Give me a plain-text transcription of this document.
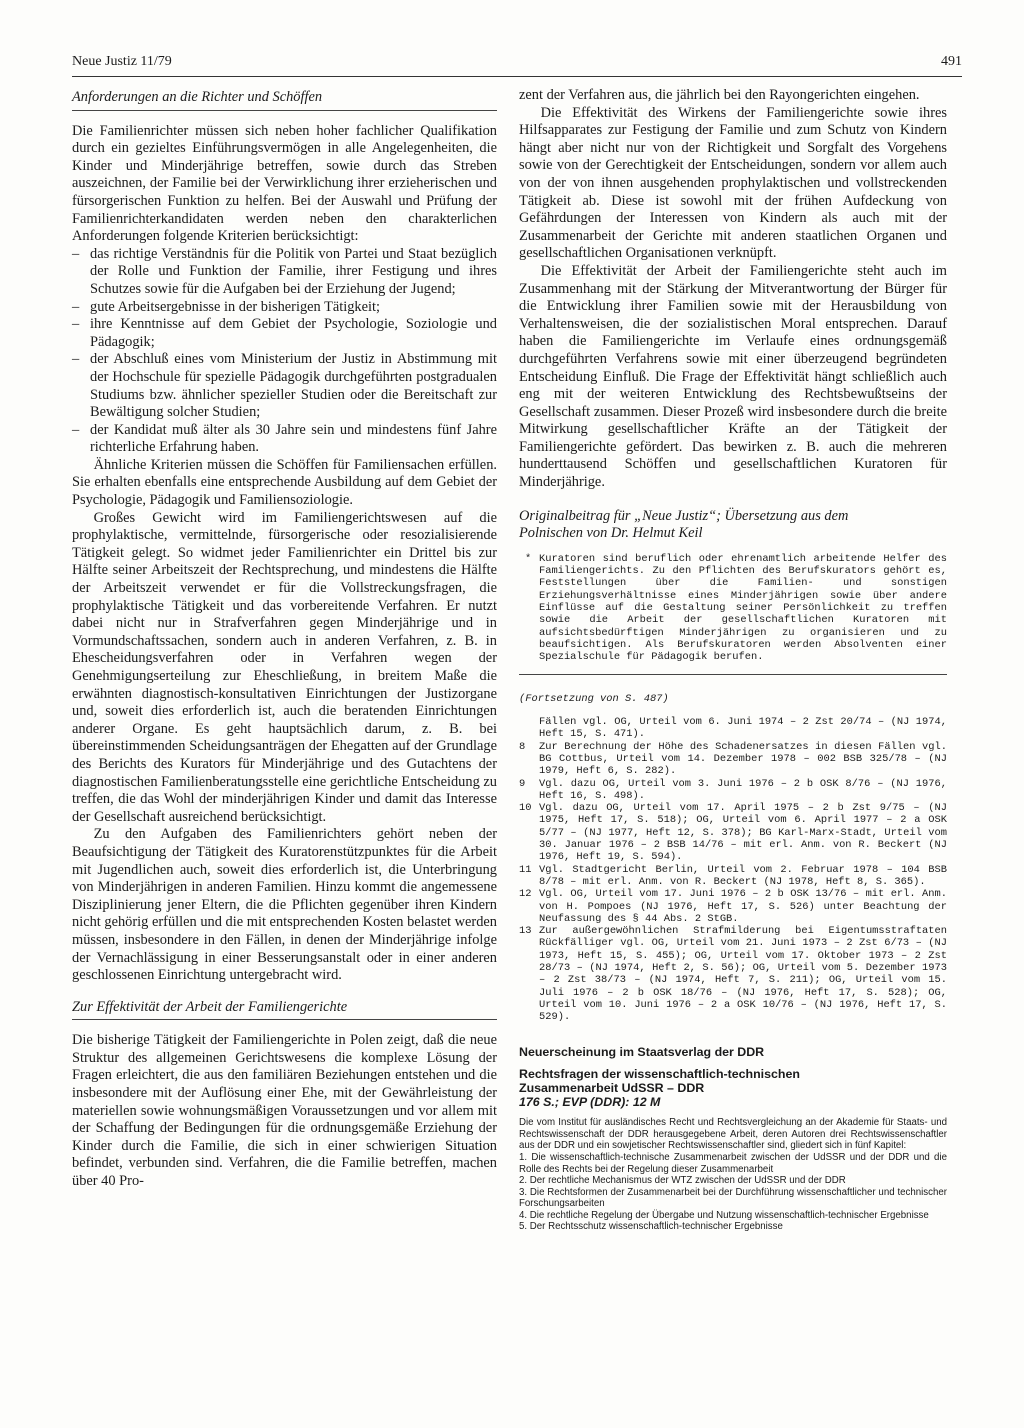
Neue Justiz 11/79	491
Anforderungen an die Richter und Schöffen

Die Familienrichter müssen sich neben hoher fachlicher Qualifikation durch ein gezieltes Einführungsvermögen in alle Angelegenheiten, die Kinder und Minderjährige betreffen, sowie durch das Streben auszeichnen, der Familie bei der Verwirklichung ihrer erzieherischen und fürsorgerischen Funktion zu helfen. Bei der Auswahl und Prüfung der Familienrichterkandidaten werden neben den charakterlichen Anforderungen folgende Kriterien berücksichtigt:

– das richtige Verständnis für die Politik von Partei und Staat bezüglich der Rolle und Funktion der Familie, ihrer Festigung und ihres Schutzes sowie für die Aufgaben bei der Erziehung der Jugend;
– gute Arbeitsergebnisse in der bisherigen Tätigkeit;
– ihre Kenntnisse auf dem Gebiet der Psychologie, Soziologie und Pädagogik;
– der Abschluß eines vom Ministerium der Justiz in Abstimmung mit der Hochschule für spezielle Pädagogik durchgeführten postgradualen Studiums bzw. ähnlicher spezieller Studien oder die Bereitschaft zur Bewältigung solcher Studien;
– der Kandidat muß älter als 30 Jahre sein und mindestens fünf Jahre richterliche Erfahrung haben.

Ähnliche Kriterien müssen die Schöffen für Familiensachen erfüllen. Sie erhalten ebenfalls eine entsprechende Ausbildung auf dem Gebiet der Psychologie, Pädagogik und Familiensoziologie.

Großes Gewicht wird im Familiengerichtswesen auf die prophylaktische, vermittelnde, fürsorgerische oder resozialisierende Tätigkeit gelegt. So widmet jeder Familienrichter ein Drittel bis zur Hälfte seiner Arbeitszeit der Rechtsprechung, und mindestens die Hälfte der Arbeitszeit verwendet er für die Vollstreckungsfragen, die prophylaktische Tätigkeit und das vorbereitende Verfahren. Er nutzt dabei nicht nur in Strafverfahren gegen Minderjährige und in Vormundschaftssachen, sondern auch in anderen Verfahren, z. B. in Ehescheidungsverfahren oder in Verfahren wegen der Genehmigungserteilung zur Eheschließung, in breitem Maße die erwähnten diagnostisch-konsultativen Einrichtungen der Justizorgane und, soweit dies erforderlich ist, auch die beratenden Einrichtungen anderer Organe. Es geht hauptsächlich darum, z. B. bei übereinstimmenden Scheidungsanträgen der Ehegatten auf der Grundlage des Berichts des Kurators für Minderjährige und des Gutachtens der diagnostischen Familienberatungsstelle eine gerichtliche Entscheidung zu treffen, die das Wohl der minderjährigen Kinder und damit das Interesse der Gesellschaft ausreichend berücksichtigt.

Zu den Aufgaben des Familienrichters gehört neben der Beaufsichtigung der Tätigkeit des Kuratorenstützpunktes für die Arbeit mit Jugendlichen auch, soweit dies erforderlich ist, die Unterbringung von Minderjährigen in anderen Familien. Hinzu kommt die angemessene Disziplinierung jener Eltern, die die Pflichten gegenüber ihren Kindern nicht gehörig erfüllen und die mit entsprechenden Kosten belastet werden müssen, insbesondere in den Fällen, in denen der Minderjährige infolge der Vernachlässigung in einer Besserungsanstalt oder in einer anderen geschlossenen Einrichtung untergebracht wird.

Zur Effektivität der Arbeit der Familiengerichte

Die bisherige Tätigkeit der Familiengerichte in Polen zeigt, daß die neue Struktur des allgemeinen Gerichtswesens die komplexe Lösung der Fragen erleichtert, die aus den familiären Beziehungen entstehen und die insbesondere mit der Auflösung einer Ehe, mit der Gewährleistung der materiellen sowie wohnungsmäßigen Voraussetzungen und vor allem mit der Schaffung der Bedingungen für die ordnungsgemäße Erziehung der Kinder durch die Familie, die sich in einer schwierigen Situation befindet, verbunden sind. Verfahren, die die Familie betreffen, machen über 40 Pro-

zent der Verfahren aus, die jährlich bei den Rayongerichten eingehen.

Die Effektivität des Wirkens der Familiengerichte sowie ihres Hilfsapparates zur Festigung der Familie und zum Schutz von Kindern hängt aber nicht nur von der Richtigkeit und Sorgfalt des Vorgehens sowie von der Gerechtigkeit der Entscheidungen, sondern vor allem auch von der von ihnen ausgehenden prophylaktischen und vollstreckenden Tätigkeit ab. Diese ist sowohl mit der frühen Aufdeckung von Gefährdungen der Interessen von Kindern als auch mit der Zusammenarbeit der Gerichte mit anderen staatlichen Organen und gesellschaftlichen Organisationen verknüpft.

Die Effektivität der Arbeit der Familiengerichte steht auch im Zusammenhang mit der Stärkung der Mitverantwortung der Bürger für die Entwicklung ihrer Familien sowie mit der Herausbildung von Verhaltensweisen, die der sozialistischen Moral entsprechen. Darauf haben die Familiengerichte im Verlaufe eines ordnungsgemäß durchgeführten Verfahrens sowie mit einer überzeugend begründeten Entscheidung Einfluß. Die Frage der Effektivität hängt schließlich auch eng mit der weiteren Entwicklung des Rechtsbewußtseins der Gesellschaft zusammen. Dieser Prozeß wird insbesondere durch die breite Mitwirkung gesellschaftlicher Kräfte an der Tätigkeit der Familiengerichte gefördert. Das bewirken z. B. auch die mehreren hunderttausend Schöffen und gesellschaftlichen Kuratoren für Minderjährige.

Originalbeitrag für „Neue Justiz“; Übersetzung aus dem
Polnischen von Dr. Helmut Keil
* Kuratoren sind beruflich oder ehrenamtlich arbeitende Helfer des Familiengerichts. Zu den Pflichten des Berufskurators gehört es, Feststellungen über die Familien- und sonstigen Erziehungsverhältnisse eines Minderjährigen sowie über andere Einflüsse auf die Gestaltung seiner Persönlichkeit zu treffen sowie die Arbeit der gesellschaftlichen Kuratoren mit aufsichtsbedürftigen Minderjährigen zu organisieren und zu beaufsichtigen. Als Berufskuratoren werden Absolventen einer Spezialschule für Pädagogik berufen.
(Fortsetzung von S. 487)
Fällen vgl. OG, Urteil vom 6. Juni 1974 – 2 Zst 20/74 – (NJ 1974, Heft 15, S. 471).
8 Zur Berechnung der Höhe des Schadenersatzes in diesen Fällen vgl. BG Cottbus, Urteil vom 14. Dezember 1978 – 002 BSB 325/78 – (NJ 1979, Heft 6, S. 282).
9 Vgl. dazu OG, Urteil vom 3. Juni 1976 – 2 b OSK 8/76 – (NJ 1976, Heft 16, S. 498).
10 Vgl. dazu OG, Urteil vom 17. April 1975 – 2 b Zst 9/75 – (NJ 1975, Heft 17, S. 518); OG, Urteil vom 6. April 1977 – 2 a OSK 5/77 – (NJ 1977, Heft 12, S. 378); BG Karl-Marx-Stadt, Urteil vom 30. Januar 1976 – 2 BSB 14/76 – mit erl. Anm. von R. Beckert (NJ 1976, Heft 19, S. 594).
11 Vgl. Stadtgericht Berlin, Urteil vom 2. Februar 1978 – 104 BSB 8/78 – mit erl. Anm. von R. Beckert (NJ 1978, Heft 8, S. 365).
12 Vgl. OG, Urteil vom 17. Juni 1976 – 2 b OSK 13/76 – mit erl. Anm. von H. Pompoes (NJ 1976, Heft 17, S. 526) unter Beachtung der Neufassung des § 44 Abs. 2 StGB.
13 Zur außergewöhnlichen Strafmilderung bei Eigentumsstraftaten Rückfälliger vgl. OG, Urteil vom 21. Juni 1973 – 2 Zst 6/73 – (NJ 1973, Heft 15, S. 455); OG, Urteil vom 17. Oktober 1973 – 2 Zst 28/73 – (NJ 1974, Heft 2, S. 56); OG, Urteil vom 5. Dezember 1973 – 2 Zst 38/73 – (NJ 1974, Heft 7, S. 211); OG, Urteil vom 15. Juli 1976 – 2 b OSK 18/76 – (NJ 1976, Heft 17, S. 528); OG, Urteil vom 10. Juni 1976 – 2 a OSK 10/76 – (NJ 1976, Heft 17, S. 529).
Neuerscheinung im Staatsverlag der DDR
Rechtsfragen der wissenschaftlich-technischen
Zusammenarbeit UdSSR – DDR
176 S.; EVP (DDR): 12 M
Die vom Institut für ausländisches Recht und Rechtsvergleichung an der Akademie für Staats- und Rechtswissenschaft der DDR herausgegebene Arbeit, deren Autoren drei Rechtswissenschaftler aus der DDR und ein sowjetischer Rechtswissenschaftler sind, gliedert sich in fünf Kapitel:
1. Die wissenschaftlich-technische Zusammenarbeit zwischen der UdSSR und der DDR und die Rolle des Rechts bei der Regelung dieser Zusammenarbeit
2. Der rechtliche Mechanismus der WTZ zwischen der UdSSR und der DDR
3. Die Rechtsformen der Zusammenarbeit bei der Durchführung wissenschaftlicher und technischer Forschungsarbeiten
4. Die rechtliche Regelung der Übergabe und Nutzung wissenschaftlich-technischer Ergebnisse
5. Der Rechtsschutz wissenschaftlich-technischer Ergebnisse
